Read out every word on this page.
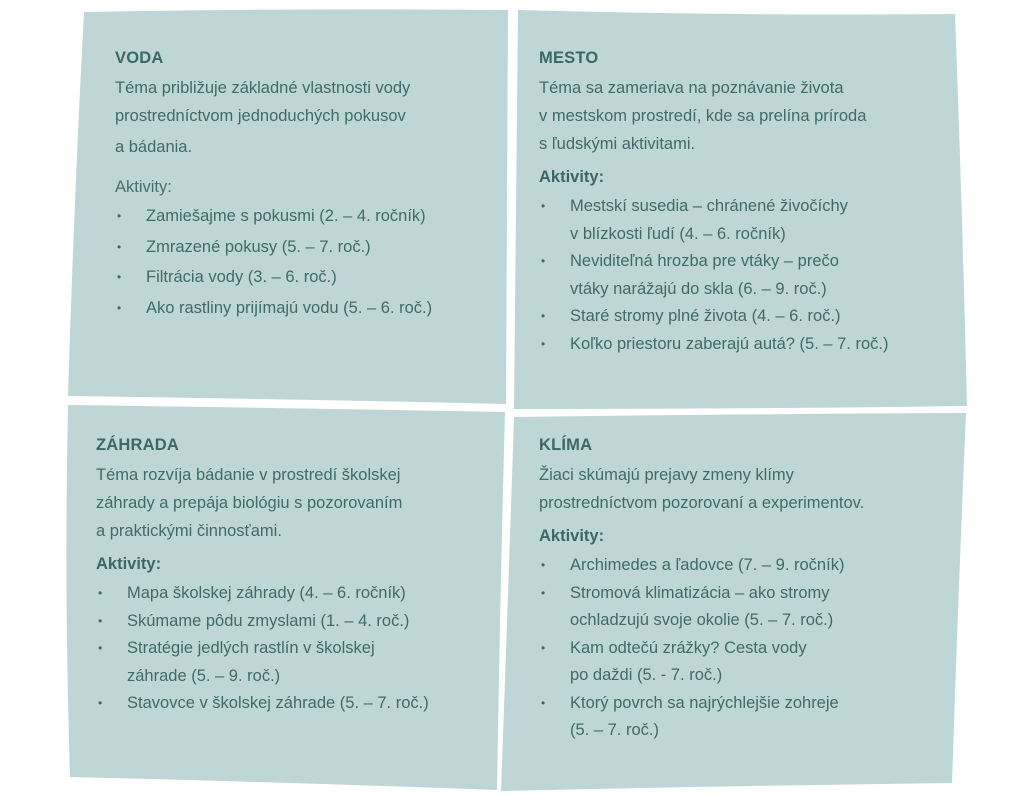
VODA
Téma približuje základné vlastnosti vody
prostredníctvom jednoduchých pokusov
a bádania.
Aktivity:
• Zamiešajme s pokusmi (2. – 4. ročník)
• Zmrazené pokusy (5. – 7. roč.)
• Filtrácia vody (3. – 6. roč.)
• Ako rastliny prijímajú vodu (5. – 6. roč.)
MESTO
Téma sa zameriava na poznávanie života
v mestskom prostredí, kde sa prelína príroda
s ľudskými aktivitami.
Aktivity:
• Mestskí susedia – chránené živočíchy
v blízkosti ľudí (4. – 6. ročník)
• Neviditeľná hrozba pre vtáky – prečo
vtáky narážajú do skla (6. – 9. roč.)
• Staré stromy plné života (4. – 6. roč.)
• Koľko priestoru zaberajú autá? (5. – 7. roč.)
ZÁHRADA
Téma rozvíja bádanie v prostredí školskej
záhrady a prepája biológiu s pozorovaním
a praktickými činnosťami.
Aktivity:
• Mapa školskej záhrady (4. – 6. ročník)
• Skúmame pôdu zmyslami (1. – 4. roč.)
• Stratégie jedlých rastlín v školskej
záhrade (5. – 9. roč.)
• Stavovce v školskej záhrade (5. – 7. roč.)
KLÍMA
Žiaci skúmajú prejavy zmeny klímy
prostredníctvom pozorovaní a experimentov.
Aktivity:
• Archimedes a ľadovce (7. – 9. ročník)
• Stromová klimatizácia – ako stromy
ochladzujú svoje okolie (5. – 7. roč.)
• Kam odtečú zrážky? Cesta vody
po daždi (5. - 7. roč.)
• Ktorý povrch sa najrýchlejšie zohreje
(5. – 7. roč.)
